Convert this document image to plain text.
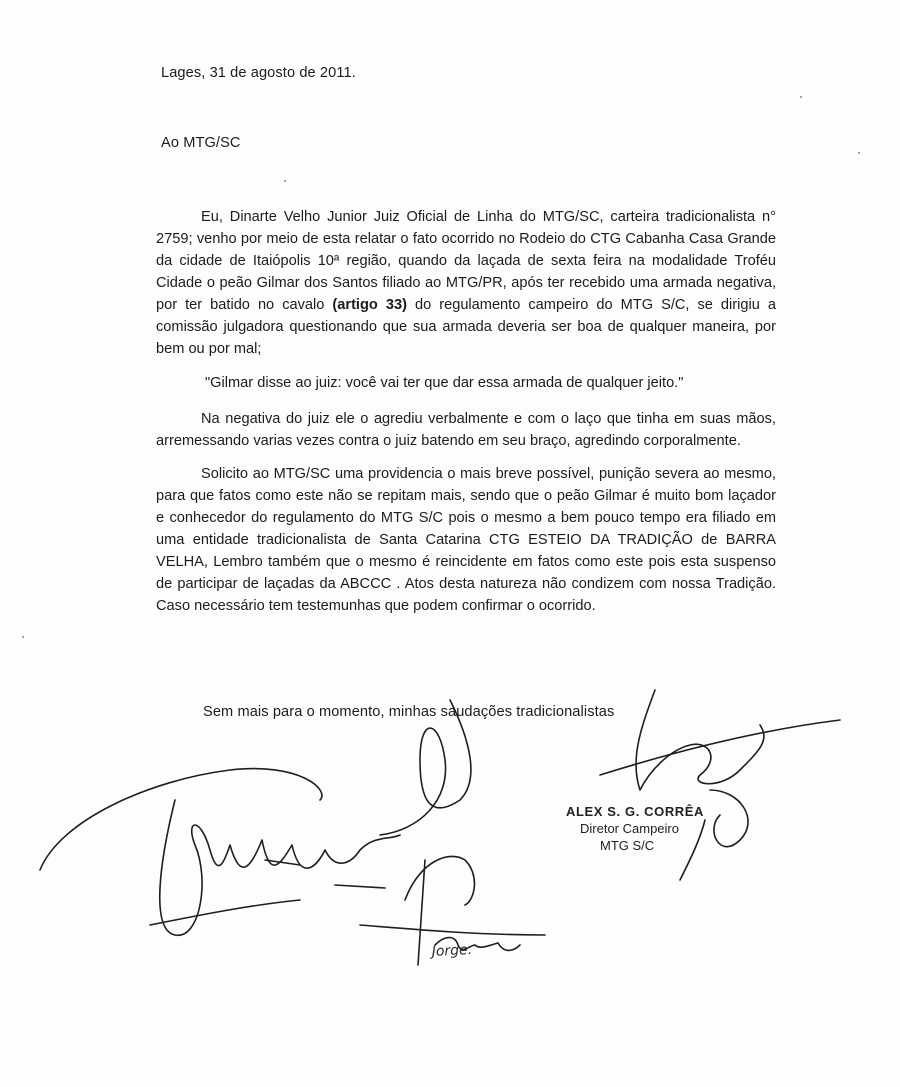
Lages, 31 de agosto de 2011.
Ao MTG/SC
Eu, Dinarte Velho Junior Juiz Oficial de Linha do MTG/SC, carteira tradicionalista n° 2759; venho por meio de esta relatar o fato ocorrido no Rodeio do CTG Cabanha Casa Grande da cidade de Itaiópolis 10ª região, quando da laçada de sexta feira na modalidade Troféu Cidade o peão Gilmar dos Santos filiado ao MTG/PR, após ter recebido uma armada negativa, por ter batido no cavalo (artigo 33) do regulamento campeiro do MTG S/C, se dirigiu a comissão julgadora questionando que sua armada deveria ser boa de qualquer maneira, por bem ou por mal;
"Gilmar disse ao juiz: você vai ter que dar essa armada de qualquer jeito."
Na negativa do juiz ele o agrediu verbalmente e com o laço que tinha em suas mãos, arremessando varias vezes contra o juiz batendo em seu braço, agredindo corporalmente.
Solicito ao MTG/SC uma providencia o mais breve possível, punição severa ao mesmo, para que fatos como este não se repitam mais, sendo que o peão Gilmar é muito bom laçador e conhecedor do regulamento do MTG S/C pois o mesmo a bem pouco tempo era filiado em uma entidade tradicionalista de Santa Catarina CTG ESTEIO DA TRADIÇÃO de BARRA VELHA, Lembro também que o mesmo é reincidente em fatos como este pois esta suspenso de participar de laçadas da ABCCC . Atos desta natureza não condizem com nossa Tradição. Caso necessário tem testemunhas que podem confirmar o ocorrido.
Sem mais para o momento, minhas saudações tradicionalistas
ALEX S. G. CORRÊA
Diretor Campeiro
MTG S/C
Jorge.
